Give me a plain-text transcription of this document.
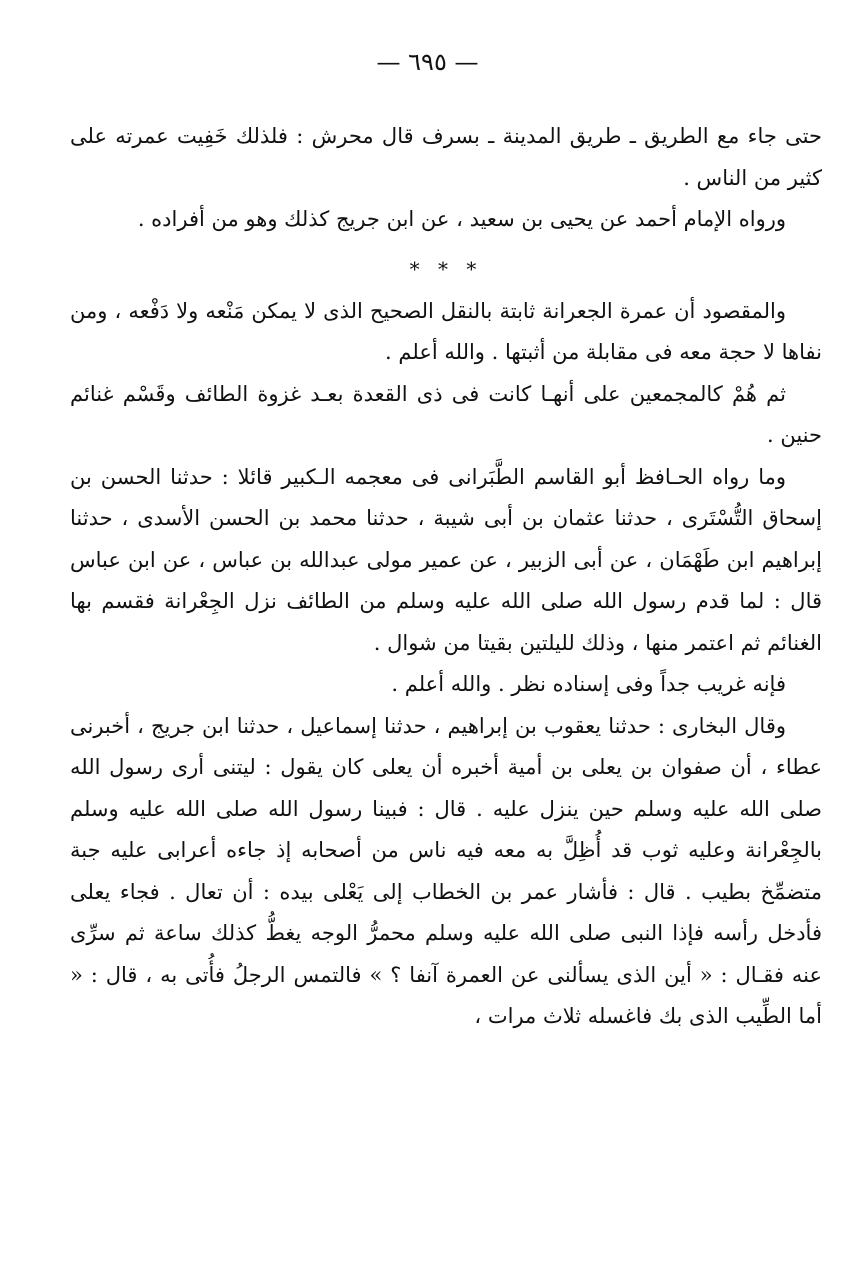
— ٦٩٥ —

حتى جاء مع الطريق ـ طريق المدينة ـ بسرف قال محرش : فلذلك خَفِيت عمرته على كثير من الناس .

ورواه الإمام أحمد عن يحيى بن سعيد ، عن ابن جريج كذلك وهو من أفراده .

* * *

والمقصود أن عمرة الجعرانة ثابتة بالنقل الصحيح الذى لا يمكن مَنْعه ولا دَفْعه ، ومن نفاها لا حجة معه فى مقابلة من أثبتها . والله أعلم .

ثم هُمْ كالمجمعين على أنهـا كانت فى ذى القعدة بعـد غزوة الطائف وقَسْم غنائم حنين .

وما رواه الحـافظ أبو القاسم الطَّبَرانى فى معجمه الـكبير قائلا : حدثنا الحسن بن إسحاق التُّسْتَرى ، حدثنا عثمان بن أبى شيبة ، حدثنا محمد بن الحسن الأسدى ، حدثنا إبراهيم ابن طَهْمَان ، عن أبى الزبير ، عن عمير مولى عبدالله بن عباس ، عن ابن عباس قال : لما قدم رسول الله صلى الله عليه وسلم من الطائف نزل الجِعْرانة فقسم بها الغنائم ثم اعتمر منها ، وذلك لليلتين بقيتا من شوال .

فإنه غريب جداً وفى إسناده نظر . والله أعلم .

وقال البخارى : حدثنا يعقوب بن إبراهيم ، حدثنا إسماعيل ، حدثنا ابن جريج ، أخبرنى عطاء ، أن صفوان بن يعلى بن أمية أخبره أن يعلى كان يقول : ليتنى أرى رسول الله صلى الله عليه وسلم حين ينزل عليه . قال : فبينا رسول الله صلى الله عليه وسلم بالجِعْرانة وعليه ثوب قد أُظِلَّ به معه فيه ناس من أصحابه إذ جاءه أعرابى عليه جبة متضمِّخ بطيب . قال : فأشار عمر بن الخطاب إلى يَعْلى بيده : أن تعال . فجاء يعلى فأدخل رأسه فإذا النبى صلى الله عليه وسلم محمرُّ الوجه يغطُّ كذلك ساعة ثم سرِّى عنه فقـال : « أين الذى يسألنى عن العمرة آنفا ؟ » فالتمس الرجلُ فأُتى به ، قال : « أما الطِّيب الذى بك فاغسله ثلاث مرات ،
